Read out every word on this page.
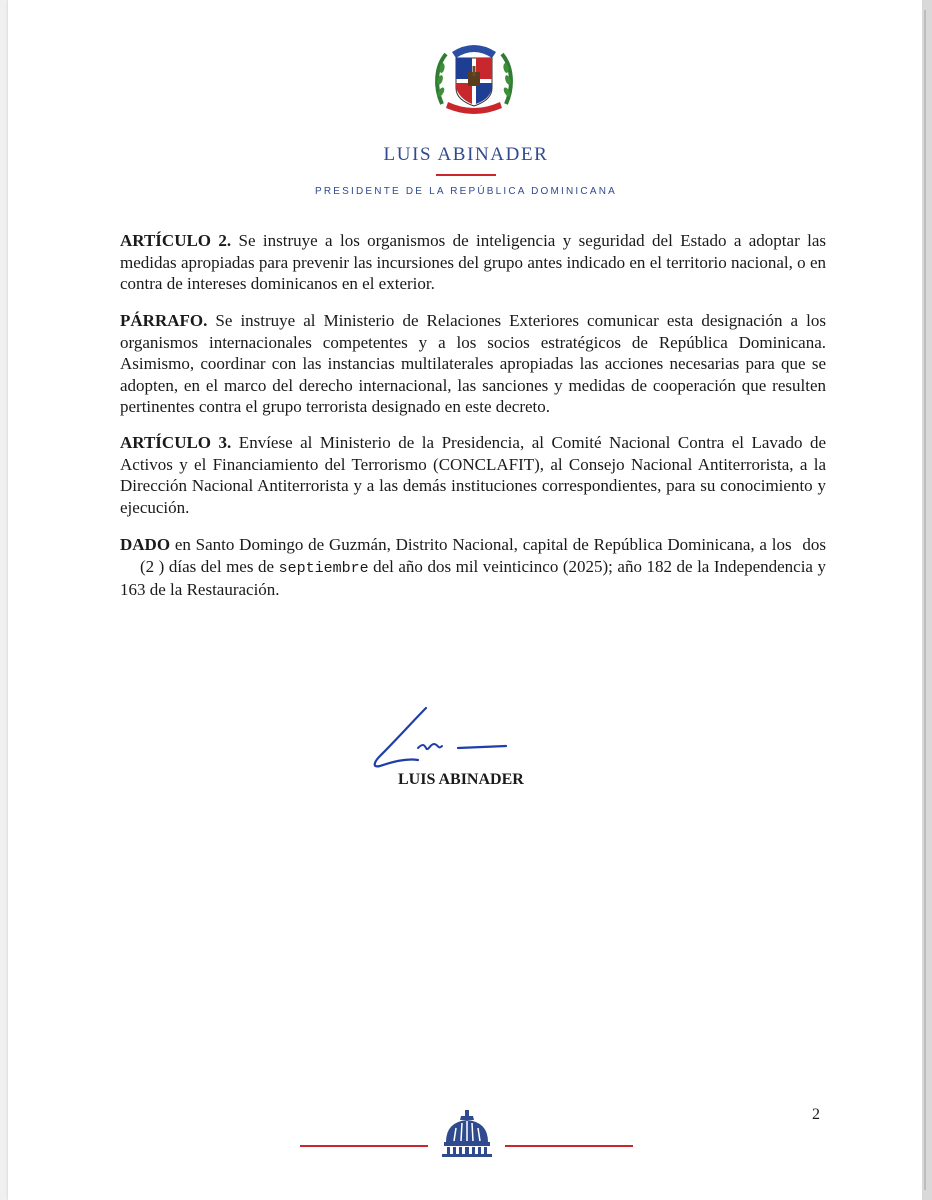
LUIS ABINADER
PRESIDENTE DE LA REPÚBLICA DOMINICANA

ARTÍCULO 2. Se instruye a los organismos de inteligencia y seguridad del Estado a adoptar las medidas apropiadas para prevenir las incursiones del grupo antes indicado en el territorio nacional, o en contra de intereses dominicanos en el exterior.

PÁRRAFO. Se instruye al Ministerio de Relaciones Exteriores comunicar esta designación a los organismos internacionales competentes y a los socios estratégicos de República Dominicana. Asimismo, coordinar con las instancias multilaterales apropiadas las acciones necesarias para que se adopten, en el marco del derecho internacional, las sanciones y medidas de cooperación que resulten pertinentes contra el grupo terrorista designado en este decreto.

ARTÍCULO 3. Envíese al Ministerio de la Presidencia, al Comité Nacional Contra el Lavado de Activos y el Financiamiento del Terrorismo (CONCLAFIT), al Consejo Nacional Antiterrorista, a la Dirección Nacional Antiterrorista y a las demás instituciones correspondientes, para su conocimiento y ejecución.

DADO en Santo Domingo de Guzmán, Distrito Nacional, capital de República Dominicana, a los dos(2 ) días del mes de septiembre del año dos mil veinticinco (2025); año 182 de la Independencia y 163 de la Restauración.

LUIS ABINADER
2
